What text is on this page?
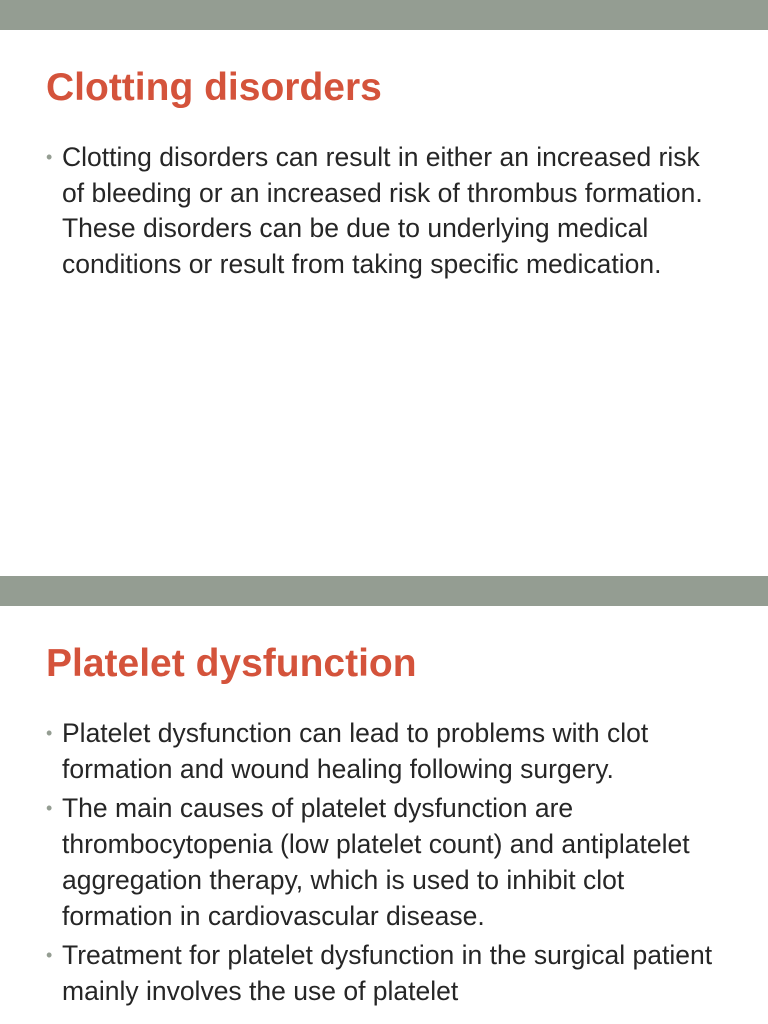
Clotting disorders
• Clotting disorders can result in either an increased risk of bleeding or an increased risk of thrombus formation. These disorders can be due to underlying medical conditions or result from taking specific medication.
Platelet dysfunction
• Platelet dysfunction can lead to problems with clot formation and wound healing following surgery.
• The main causes of platelet dysfunction are thrombocytopenia (low platelet count) and antiplatelet aggregation therapy, which is used to inhibit clot formation in cardiovascular disease.
• Treatment for platelet dysfunction in the surgical patient mainly involves the use of platelet
